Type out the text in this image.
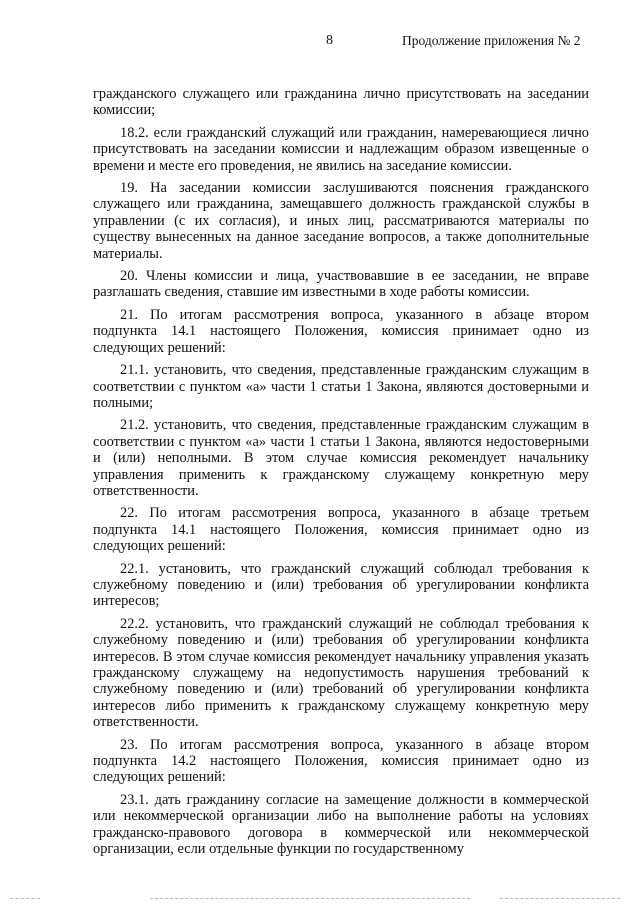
8	Продолжение приложения № 2

гражданского служащего или гражданина лично присутствовать на заседании комиссии;

18.2. если гражданский служащий или гражданин, намеревающиеся лично присутствовать на заседании комиссии и надлежащим образом извещенные о времени и месте его проведения, не явились на заседание комиссии.

19. На заседании комиссии заслушиваются пояснения гражданского служащего или гражданина, замещавшего должность гражданской службы в управлении (с их согласия), и иных лиц, рассматриваются материалы по существу вынесенных на данное заседание вопросов, а также дополнительные материалы.

20. Члены комиссии и лица, участвовавшие в ее заседании, не вправе разглашать сведения, ставшие им известными в ходе работы комиссии.

21. По итогам рассмотрения вопроса, указанного в абзаце втором подпункта 14.1 настоящего Положения, комиссия принимает одно из следующих решений:

21.1. установить, что сведения, представленные гражданским служащим в соответствии с пунктом «а» части 1 статьи 1 Закона, являются достоверными и полными;

21.2. установить, что сведения, представленные гражданским служащим в соответствии с пунктом «а» части 1 статьи 1 Закона, являются недостоверными и (или) неполными. В этом случае комиссия рекомендует начальнику управления применить к гражданскому служащему конкретную меру ответственности.

22. По итогам рассмотрения вопроса, указанного в абзаце третьем подпункта 14.1 настоящего Положения, комиссия принимает одно из следующих решений:

22.1. установить, что гражданский служащий соблюдал требования к служебному поведению и (или) требования об урегулировании конфликта интересов;

22.2. установить, что гражданский служащий не соблюдал требования к служебному поведению и (или) требования об урегулировании конфликта интересов. В этом случае комиссия рекомендует начальнику управления указать гражданскому служащему на недопустимость нарушения требований к служебному поведению и (или) требований об урегулировании конфликта интересов либо применить к гражданскому служащему конкретную меру ответственности.

23. По итогам рассмотрения вопроса, указанного в абзаце втором подпункта 14.2 настоящего Положения, комиссия принимает одно из следующих решений:

23.1. дать гражданину согласие на замещение должности в коммерческой или некоммерческой организации либо на выполнение работы на условиях гражданско-правового договора в коммерческой или некоммерческой организации, если отдельные функции по государственному
